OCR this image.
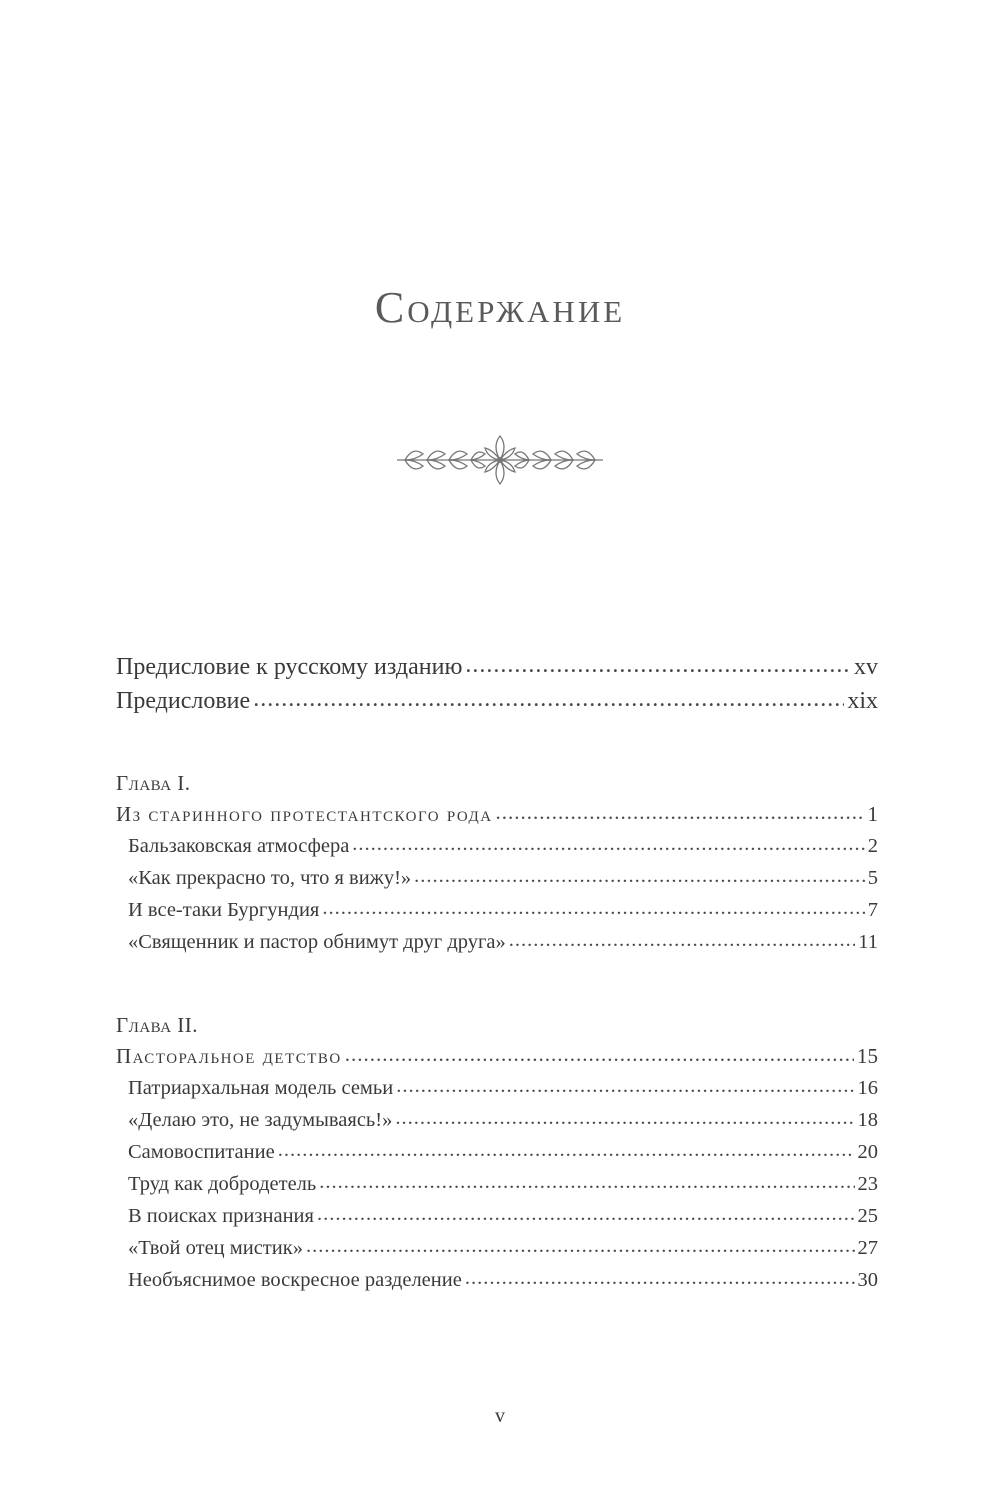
Содержание
Предисловие к русскому изданию .....	xv
Предисловие .....	xix
Глава I.
Из старинного протестантского рода .....	1
Бальзаковская атмосфера .....	2
«Как прекрасно то, что я вижу!» .....	5
И все-таки Бургундия .....	7
«Священник и пастор обнимут друг друга» .....	11
Глава II.
Пасторальное детство .....	15
Патриархальная модель семьи .....	16
«Делаю это, не задумываясь!» .....	18
Самовоспитание .....	20
Труд как добродетель .....	23
В поисках признания .....	25
«Твой отец мистик» .....	27
Необъяснимое воскресное разделение .....	30
v
